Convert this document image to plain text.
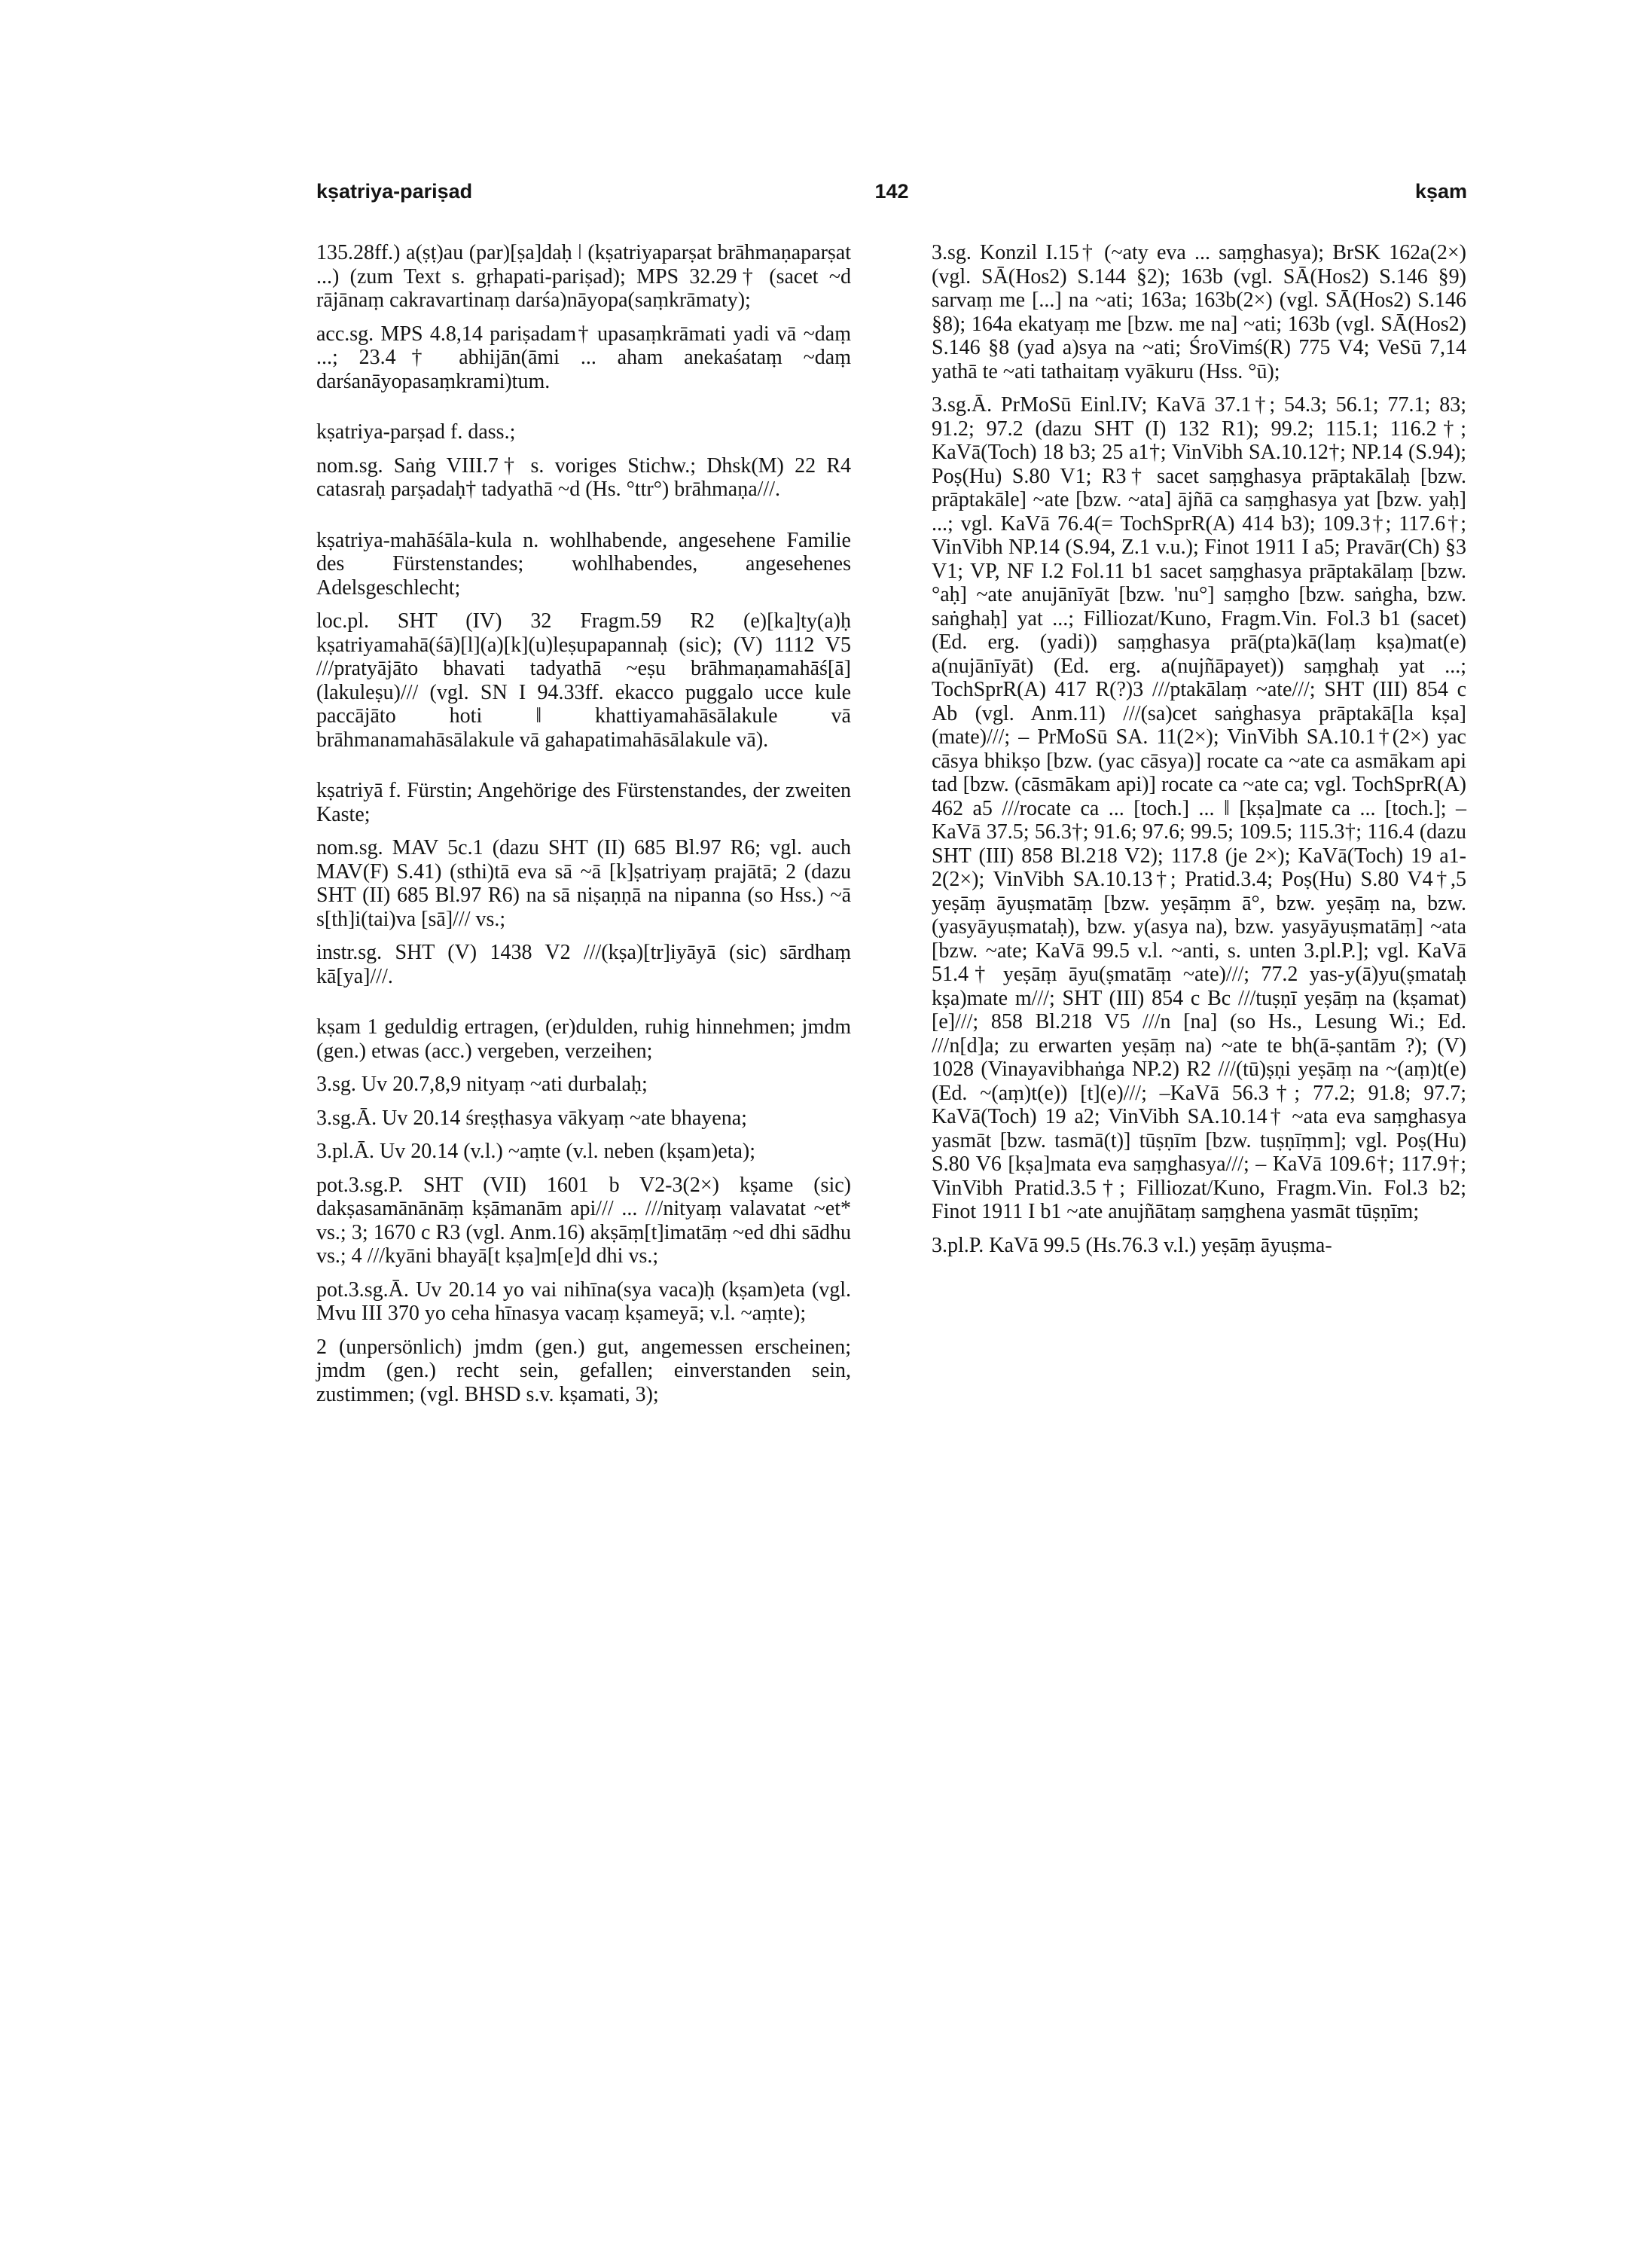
kṣatriya-pariṣad	142	kṣam

135.28ff.) a(ṣṭ)au (par)[ṣa]daḥ ǀ (kṣatriyaparṣat brāhmaṇaparṣat ...) (zum Text s. gṛhapati-pariṣad); MPS 32.29† (sacet ~d rājānaṃ cakravartinaṃ darśa)nāyopa(saṃkrāmaty);

acc.sg. MPS 4.8,14 pariṣadam† upasaṃkrāmati yadi vā ~daṃ ...; 23.4† abhijān(āmi ... aham anekaśataṃ ~daṃ darśanāyopasaṃkrami)tum.

kṣatriya-parṣad f. dass.;

nom.sg. Saṅg VIII.7† s. voriges Stichw.; Dhsk(M) 22 R4 catasraḥ parṣadaḥ† tadyathā ~d (Hs. °ttr°) brāhmaṇa///.

kṣatriya-mahāśāla-kula n. wohlhabende, angesehene Familie des Fürstenstandes; wohlhabendes, angesehenes Adelsgeschlecht;

loc.pl. SHT (IV) 32 Fragm.59 R2 (e)[ka]ty(a)ḥ kṣatriyamahā(śā)[l](a)[k](u)leṣupapannaḥ (sic); (V) 1112 V5 ///pratyājāto bhavati tadyathā ~eṣu brāhmaṇamahāś[ā](lakuleṣu)/// (vgl. SN I 94.33ff. ekacco puggalo ucce kule paccājāto hoti ǁ khattiyamahāsālakule vā brāhmanamahāsālakule vā gahapatimahāsālakule vā).

kṣatriyā f. Fürstin; Angehörige des Fürstenstandes, der zweiten Kaste;

nom.sg. MAV 5c.1 (dazu SHT (II) 685 Bl.97 R6; vgl. auch MAV(F) S.41) (sthi)tā eva sā ~ā [k]ṣatriyaṃ prajātā; 2 (dazu SHT (II) 685 Bl.97 R6) na sā niṣaṇṇā na nipanna (so Hss.) ~ā s[th]i(tai)va [sā]/// vs.;

instr.sg. SHT (V) 1438 V2 ///(kṣa)[tr]iyāyā (sic) sārdhaṃ kā[ya]///.

kṣam 1 geduldig ertragen, (er)dulden, ruhig hinnehmen; jmdm (gen.) etwas (acc.) vergeben, verzeihen;

3.sg. Uv 20.7,8,9 nityaṃ ~ati durbalaḥ;

3.sg.Ā. Uv 20.14 śreṣṭhasya vākyaṃ ~ate bhayena;

3.pl.Ā. Uv 20.14 (v.l.) ~aṃte (v.l. neben (kṣam)eta);

pot.3.sg.P. SHT (VII) 1601 b V2-3(2×) kṣame (sic) dakṣasamānānāṃ kṣāmanām api/// ... ///nityaṃ valavatat ~et* vs.; 3; 1670 c R3 (vgl. Anm.16) akṣāṃ[t]imatāṃ ~ed dhi sādhu vs.; 4 ///kyāni bhayā[t kṣa]m[e]d dhi vs.;

pot.3.sg.Ā. Uv 20.14 yo vai nihīna(sya vaca)ḥ (kṣam)eta (vgl. Mvu III 370 yo ceha hīnasya vacaṃ kṣameyā; v.l. ~aṃte);

2 (unpersönlich) jmdm (gen.) gut, angemessen erscheinen; jmdm (gen.) recht sein, gefallen; einverstanden sein, zustimmen; (vgl. BHSD s.v. kṣamati, 3);

3.sg. Konzil I.15† (~aty eva ... saṃghasya); BrSK 162a(2×) (vgl. SĀ(Hos2) S.144 §2); 163b (vgl. SĀ(Hos2) S.146 §9) sarvaṃ me [...] na ~ati; 163a; 163b(2×) (vgl. SĀ(Hos2) S.146 §8); 164a ekatyaṃ me [bzw. me na] ~ati; 163b (vgl. SĀ(Hos2) S.146 §8 (yad a)sya na ~ati; ŚroVimś(R) 775 V4; VeSū 7,14 yathā te ~ati tathaitaṃ vyākuru (Hss. °ū);

3.sg.Ā. PrMoSū Einl.IV; KaVā 37.1†; 54.3; 56.1; 77.1; 83; 91.2; 97.2 (dazu SHT (I) 132 R1); 99.2; 115.1; 116.2†; KaVā(Toch) 18 b3; 25 a1†; VinVibh SA.10.12†; NP.14 (S.94); Poṣ(Hu) S.80 V1; R3† sacet saṃghasya prāptakālaḥ [bzw. prāptakāle] ~ate [bzw. ~ata] ājñā ca saṃghasya yat [bzw. yaḥ] ...; vgl. KaVā 76.4(= TochSprR(A) 414 b3); 109.3†; 117.6†; VinVibh NP.14 (S.94, Z.1 v.u.); Finot 1911 I a5; Pravār(Ch) §3 V1; VP, NF I.2 Fol.11 b1 sacet saṃghasya prāptakālaṃ [bzw. °aḥ] ~ate anujānīyāt [bzw. 'nu°] saṃgho [bzw. saṅgha, bzw. saṅghaḥ] yat ...; Filliozat/Kuno, Fragm.Vin. Fol.3 b1 (sacet) (Ed. erg. (yadi)) saṃghasya prā(pta)kā(laṃ kṣa)mat(e) a(nujānīyāt) (Ed. erg. a(nujñāpayet)) saṃghaḥ yat ...; TochSprR(A) 417 R(?)3 ///ptakālaṃ ~ate///; SHT (III) 854 c Ab (vgl. Anm.11) ///(sa)cet saṅghasya prāptakā[la kṣa](mate)///; – PrMoSū SA. 11(2×); VinVibh SA.10.1†(2×) yac cāsya bhikṣo [bzw. (yac cāsya)] rocate ca ~ate ca asmākam api tad [bzw. (cāsmākam api)] rocate ca ~ate ca; vgl. TochSprR(A) 462 a5 ///rocate ca ... [toch.] ... ǁ [kṣa]mate ca ... [toch.]; – KaVā 37.5; 56.3†; 91.6; 97.6; 99.5; 109.5; 115.3†; 116.4 (dazu SHT (III) 858 Bl.218 V2); 117.8 (je 2×); KaVā(Toch) 19 a1-2(2×); VinVibh SA.10.13†; Pratid.3.4; Poṣ(Hu) S.80 V4†,5 yeṣāṃ āyuṣmatāṃ [bzw. yeṣāṃm ā°, bzw. yeṣāṃ na, bzw. (yasyāyuṣmataḥ), bzw. y(asya na), bzw. yasyāyuṣmatāṃ] ~ata [bzw. ~ate; KaVā 99.5 v.l. ~anti, s. unten 3.pl.P.]; vgl. KaVā 51.4† yeṣāṃ āyu(ṣmatāṃ ~ate)///; 77.2 yas-y(ā)yu(ṣmataḥ kṣa)mate m///; SHT (III) 854 c Bc ///tuṣṇī yeṣāṃ na (kṣamat)[e]///; 858 Bl.218 V5 ///n [na] (so Hs., Lesung Wi.; Ed. ///n[d]a; zu erwarten yeṣāṃ na) ~ate te bh(ā-ṣantām ?); (V) 1028 (Vinayavibhaṅga NP.2) R2 ///(tū)ṣṇi yeṣāṃ na ~(aṃ)t(e) (Ed. ~(aṃ)t(e)) [t](e)///; –KaVā 56.3†; 77.2; 91.8; 97.7; KaVā(Toch) 19 a2; VinVibh SA.10.14† ~ata eva saṃghasya yasmāt [bzw. tasmā(t)] tūṣṇīm [bzw. tuṣṇīṃm]; vgl. Poṣ(Hu) S.80 V6 [kṣa]mata eva saṃghasya///; – KaVā 109.6†; 117.9†; VinVibh Pratid.3.5†; Filliozat/Kuno, Fragm.Vin. Fol.3 b2; Finot 1911 I b1 ~ate anujñātaṃ saṃghena yasmāt tūṣṇīm;

3.pl.P. KaVā 99.5 (Hs.76.3 v.l.) yeṣāṃ āyuṣma-
